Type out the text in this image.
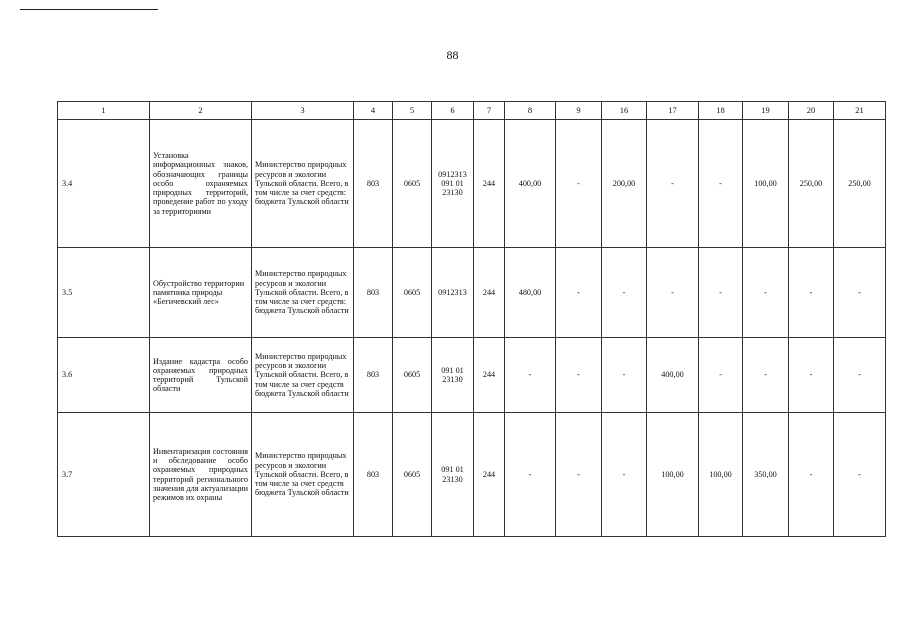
88
1	2	3	4	5	6	7	8	9	16	17	18	19	20	21
3.4	Установка информационных знаков, обозначающих границы особо охраняемых природных территорий, проведение работ по уходу за территориями	Министерство природных ресурсов и экологии Тульской области. Всего, в том числе за счет средств: бюджета Тульской области	803	0605	0912313 091 01 23130	244	400,00	-	200,00	-	-	100,00	250,00	250,00
3.5	Обустройство территории памятника природы «Бегичевский лес»	Министерство природных ресурсов и экологии Тульской области. Всего, в том числе за счет средств: бюджета Тульской области	803	0605	0912313	244	480,00	-	-	-	-	-	-	-
3.6	Издание кадастра особо охраняемых природных территорий Тульской области	Министерство природных ресурсов и экологии Тульской области. Всего, в том числе за счет средств бюджета Тульской области	803	0605	091 01 23130	244	-	-	-	400,00	-	-	-	-
3.7	Инвентаризация состояния и обследование особо охраняемых природных территорий регионального значения для актуализации режимов их охраны	Министерство природных ресурсов и экологии Тульской области. Всего, в том числе за счет средств бюджета Тульской области	803	0605	091 01 23130	244	-	-	-	100,00	100,00	350,00	-	-
